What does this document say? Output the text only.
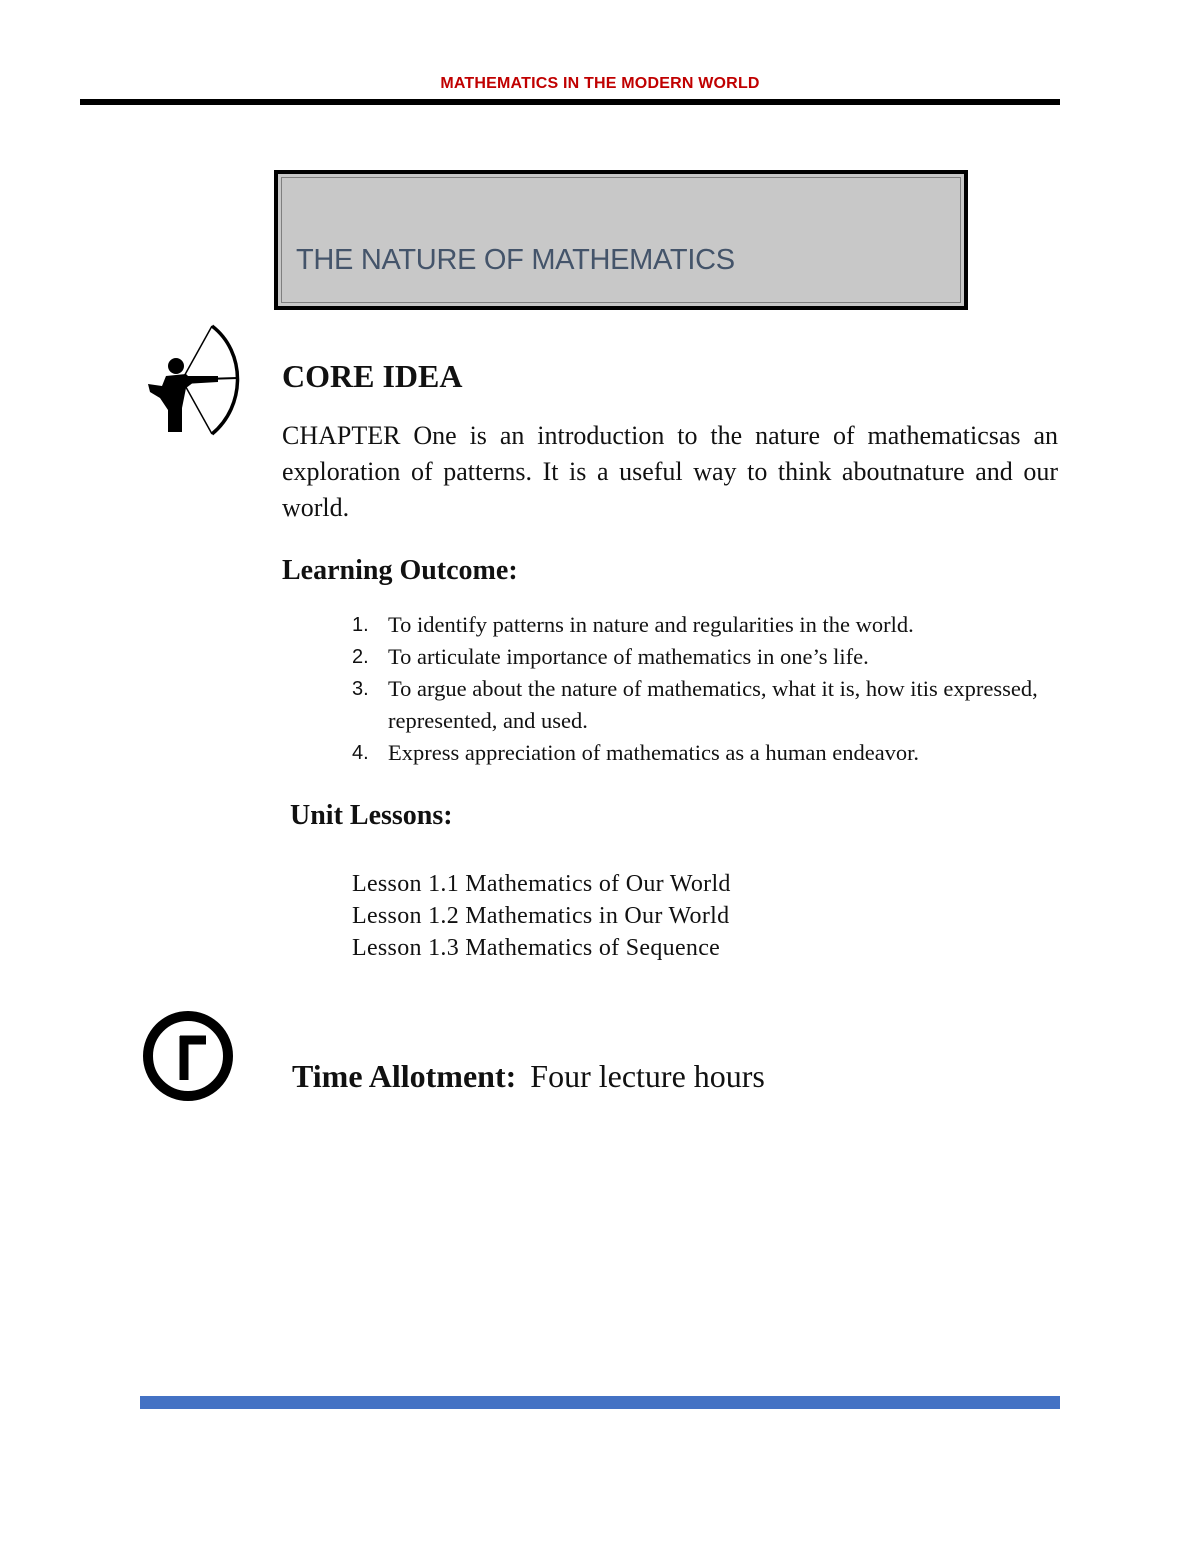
MATHEMATICS IN THE MODERN WORLD
THE NATURE OF MATHEMATICS
CORE IDEA

CHAPTER One is an introduction to the nature of mathematicsas an exploration of patterns. It is a useful way to think aboutnature and our world.

Learning Outcome:
1. To identify patterns in nature and regularities in the world.
2. To articulate importance of mathematics in one’s life.
3. To argue about the nature of mathematics, what it is, how itis expressed, represented, and used.
4. Express appreciation of mathematics as a human endeavor.
Unit Lessons:
Lesson 1.1 Mathematics of Our World
Lesson 1.2 Mathematics in Our World
Lesson 1.3 Mathematics of Sequence

Time Allotment: Four lecture hours
